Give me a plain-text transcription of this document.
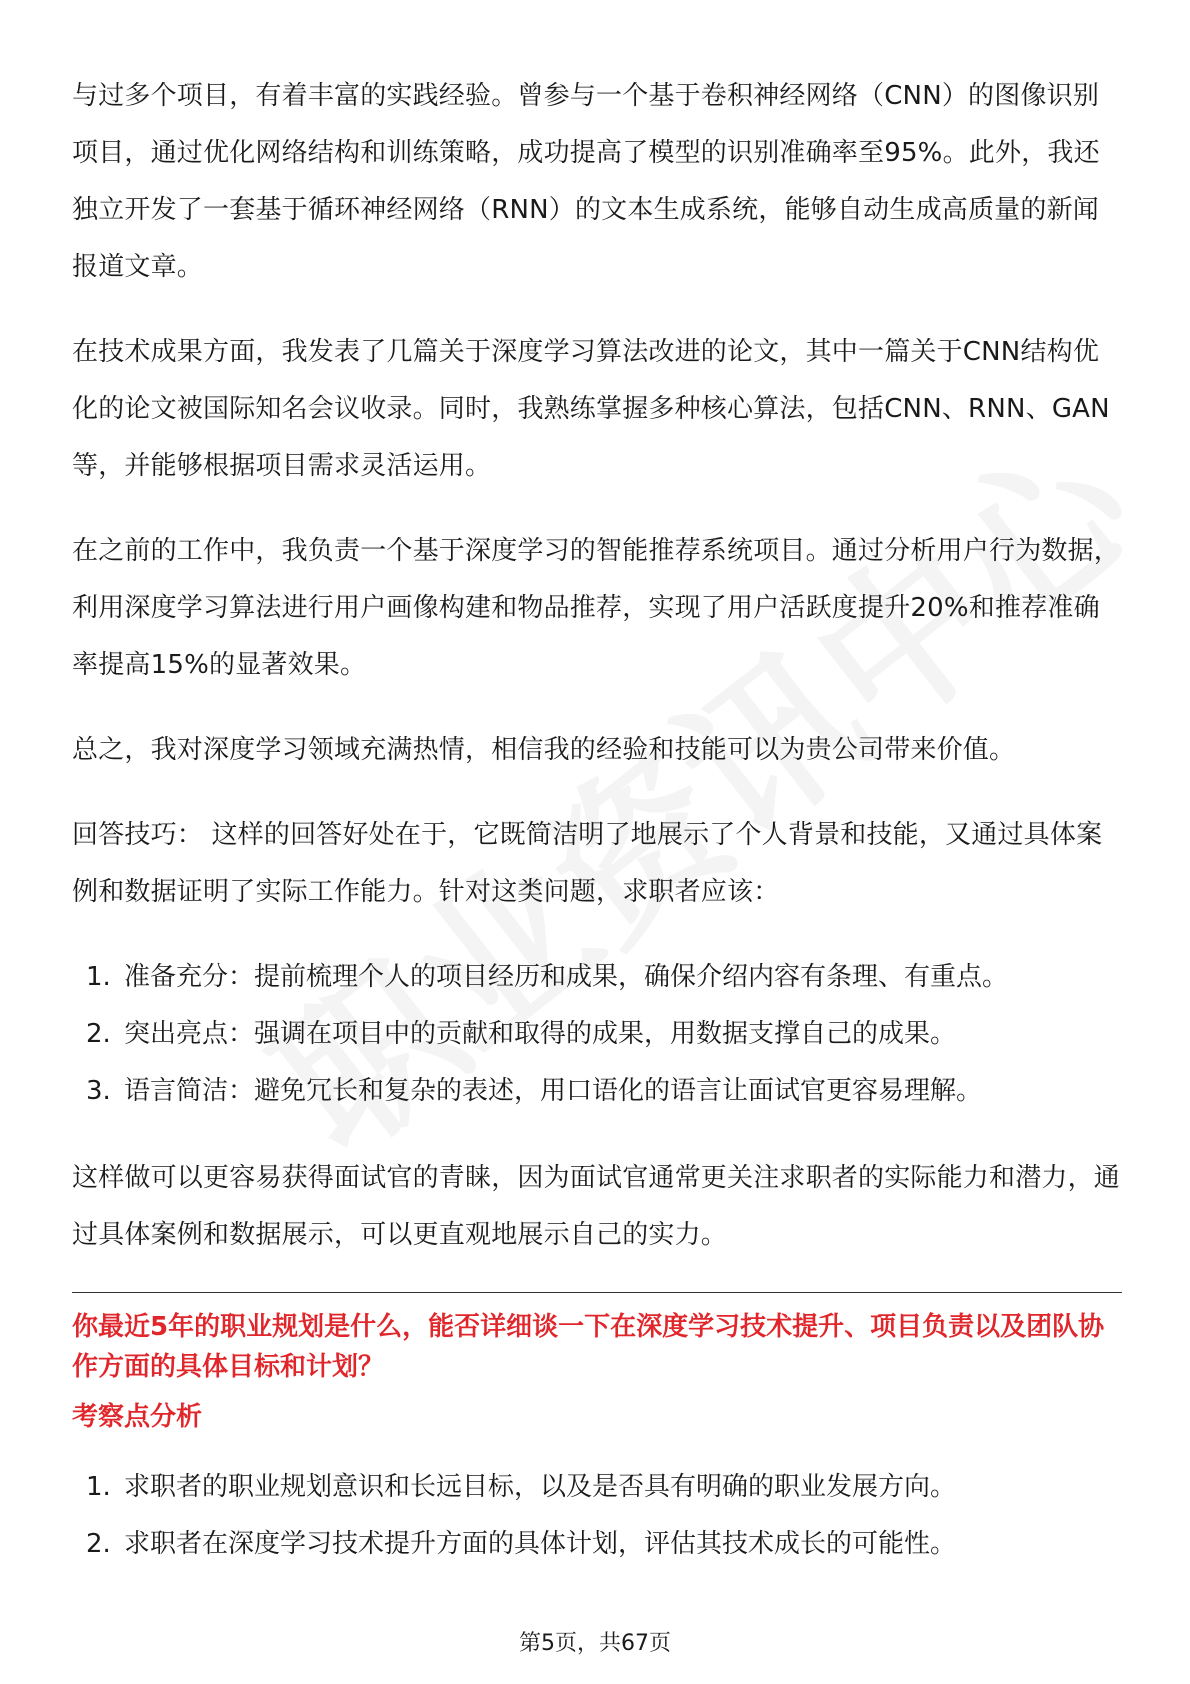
与过多个项目，有着丰富的实践经验。曾参与一个基于卷积神经网络（CNN）的图像识别项目，通过优化网络结构和训练策略，成功提高了模型的识别准确率至95%。此外，我还独立开发了一套基于循环神经网络（RNN）的文本生成系统，能够自动生成高质量的新闻报道文章。

在技术成果方面，我发表了几篇关于深度学习算法改进的论文，其中一篇关于CNN结构优化的论文被国际知名会议收录。同时，我熟练掌握多种核心算法，包括CNN、RNN、GAN等，并能够根据项目需求灵活运用。

在之前的工作中，我负责一个基于深度学习的智能推荐系统项目。通过分析用户行为数据，利用深度学习算法进行用户画像构建和物品推荐，实现了用户活跃度提升20%和推荐准确率提高15%的显著效果。

总之，我对深度学习领域充满热情，相信我的经验和技能可以为贵公司带来价值。

回答技巧： 这样的回答好处在于，它既简洁明了地展示了个人背景和技能，又通过具体案例和数据证明了实际工作能力。针对这类问题，求职者应该：

1. 准备充分：提前梳理个人的项目经历和成果，确保介绍内容有条理、有重点。
2. 突出亮点：强调在项目中的贡献和取得的成果，用数据支撑自己的成果。
3. 语言简洁：避免冗长和复杂的表述，用口语化的语言让面试官更容易理解。

这样做可以更容易获得面试官的青睐，因为面试官通常更关注求职者的实际能力和潜力，通过具体案例和数据展示，可以更直观地展示自己的实力。

你最近5年的职业规划是什么，能否详细谈一下在深度学习技术提升、项目负责以及团队协作方面的具体目标和计划？

考察点分析

1. 求职者的职业规划意识和长远目标，以及是否具有明确的职业发展方向。
2. 求职者在深度学习技术提升方面的具体计划，评估其技术成长的可能性。
第5页，共67页
